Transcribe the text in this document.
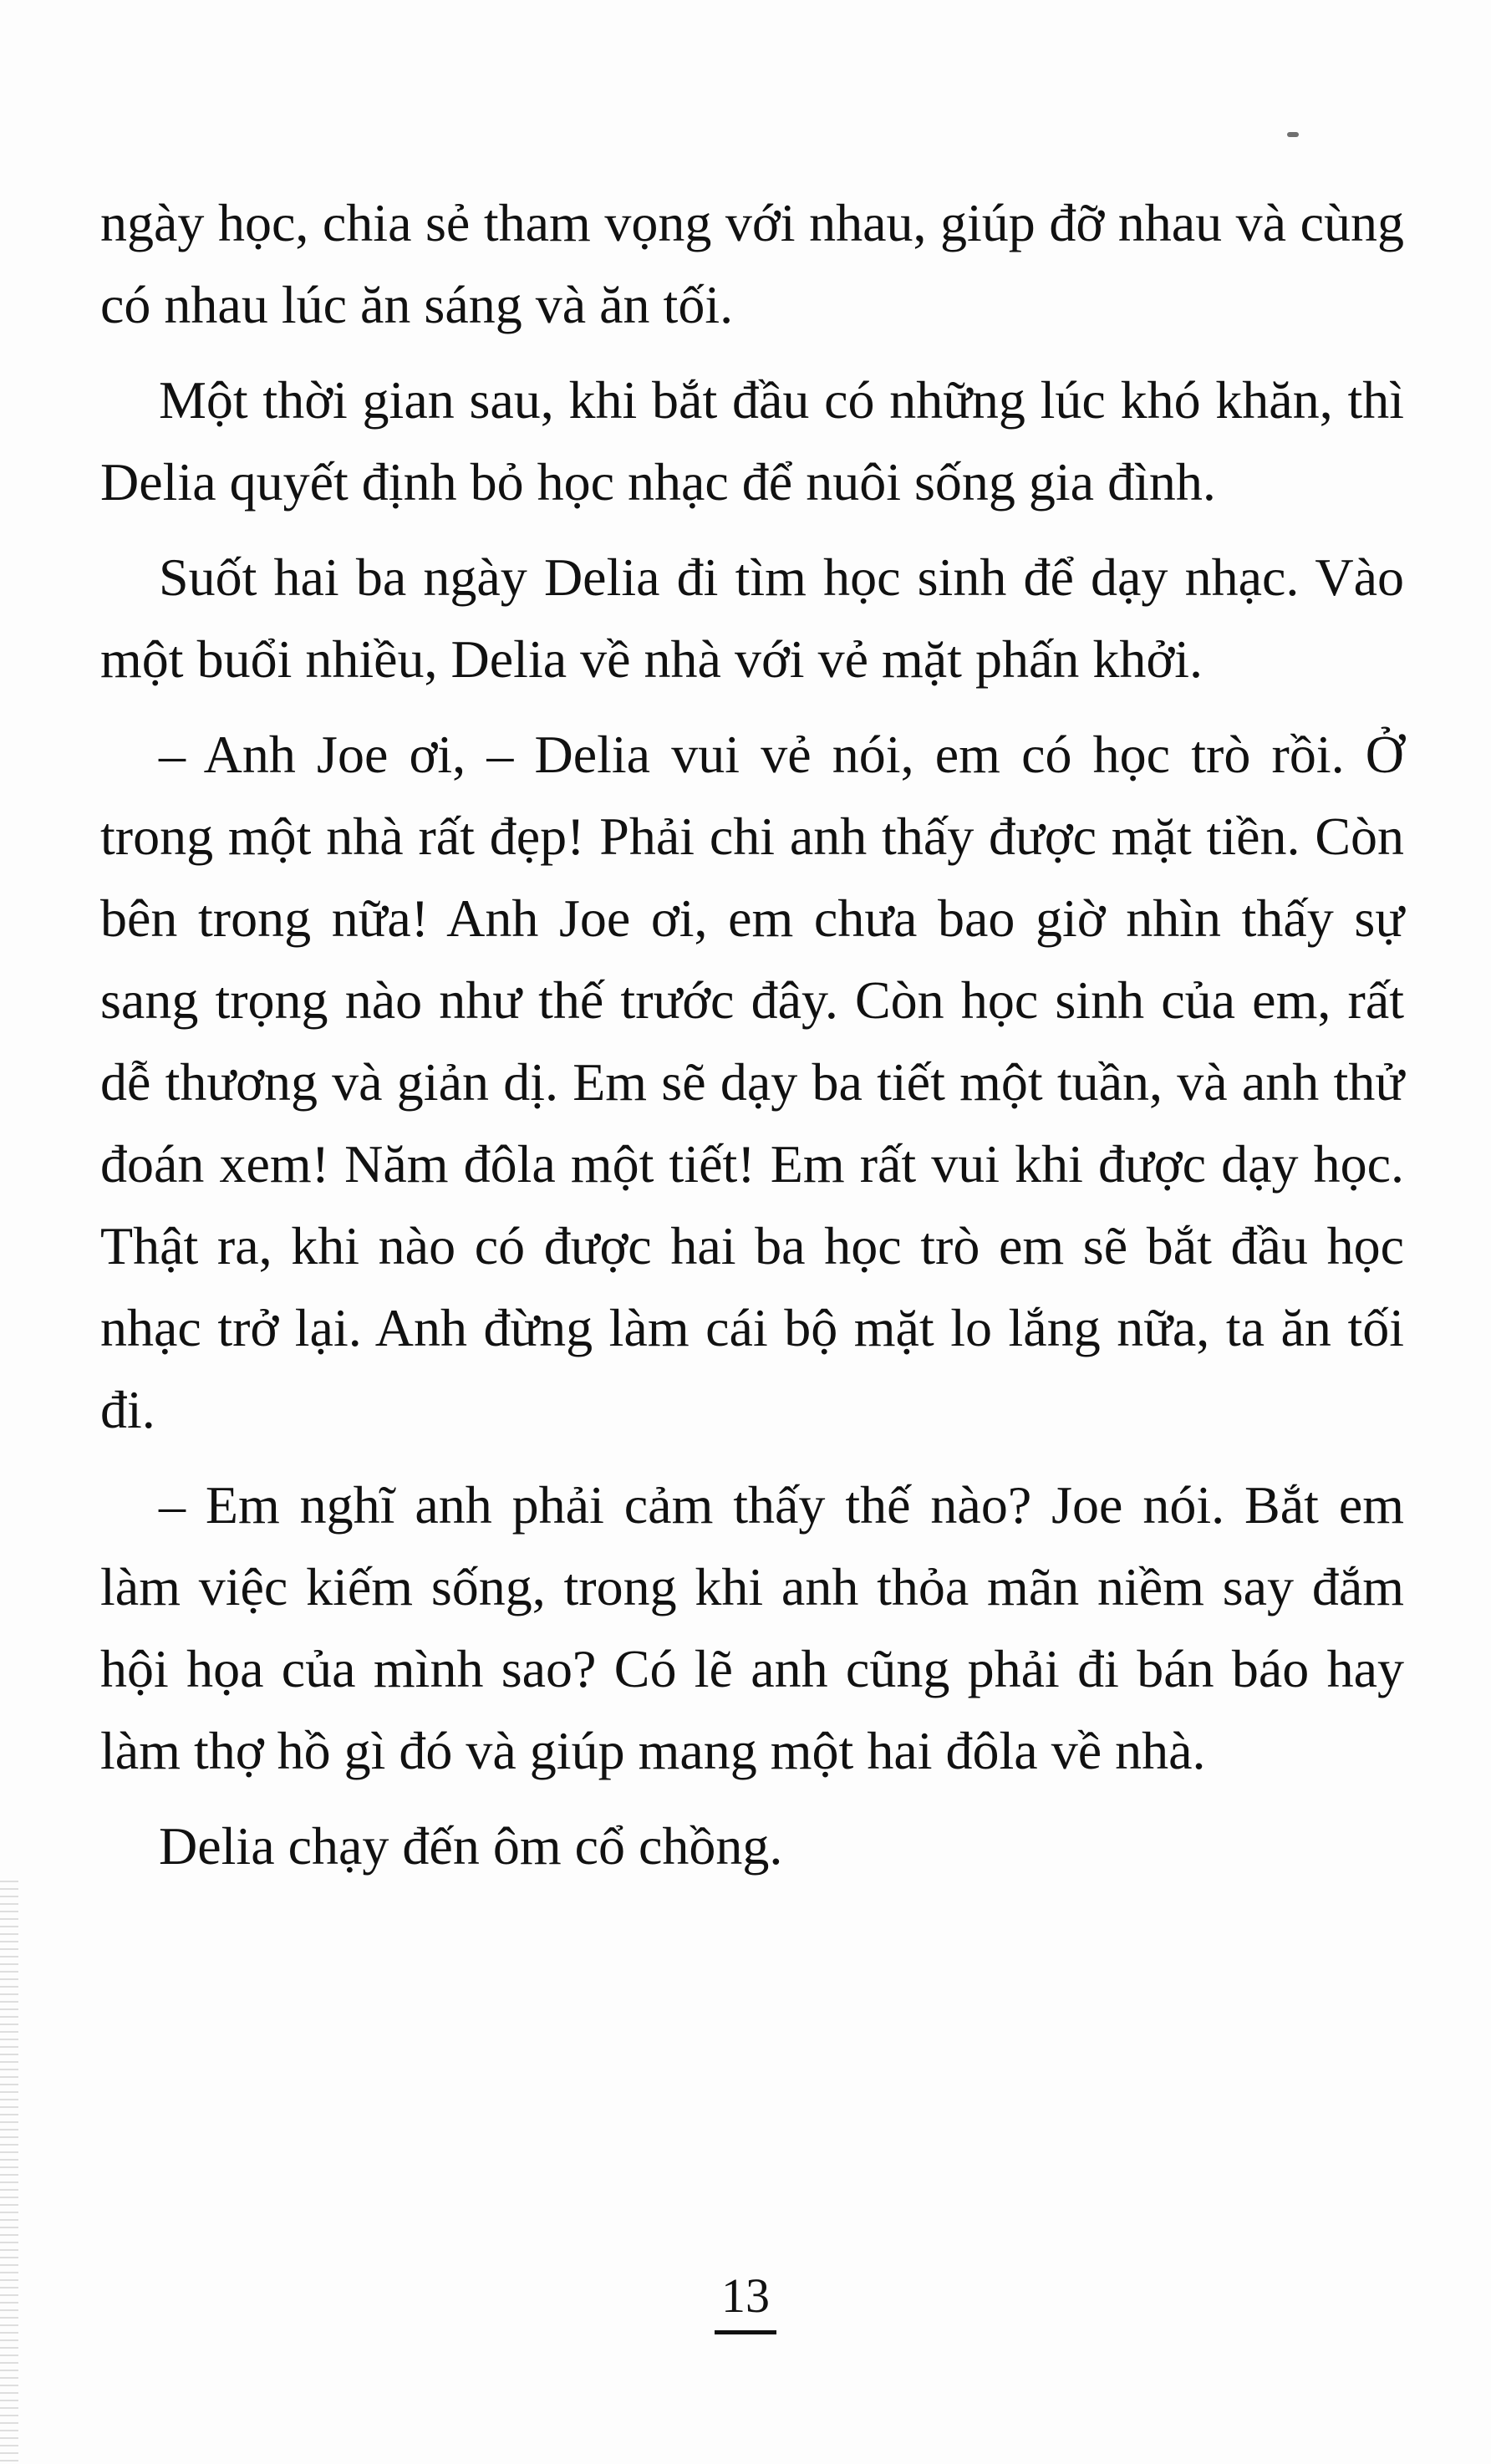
ngày học, chia sẻ tham vọng với nhau, giúp đỡ nhau và cùng có nhau lúc ăn sáng và ăn tối.

Một thời gian sau, khi bắt đầu có những lúc khó khăn, thì Delia quyết định bỏ học nhạc để nuôi sống gia đình.

Suốt hai ba ngày Delia đi tìm học sinh để dạy nhạc. Vào một buổi nhiều, Delia về nhà với vẻ mặt phấn khởi.

– Anh Joe ơi, – Delia vui vẻ nói, em có học trò rồi. Ở trong một nhà rất đẹp! Phải chi anh thấy được mặt tiền. Còn bên trong nữa! Anh Joe ơi, em chưa bao giờ nhìn thấy sự sang trọng nào như thế trước đây. Còn học sinh của em, rất dễ thương và giản dị. Em sẽ dạy ba tiết một tuần, và anh thử đoán xem! Năm đôla một tiết! Em rất vui khi được dạy học. Thật ra, khi nào có được hai ba học trò em sẽ bắt đầu học nhạc trở lại. Anh đừng làm cái bộ mặt lo lắng nữa, ta ăn tối đi.

– Em nghĩ anh phải cảm thấy thế nào? Joe nói. Bắt em làm việc kiếm sống, trong khi anh thỏa mãn niềm say đắm hội họa của mình sao? Có lẽ anh cũng phải đi bán báo hay làm thợ hồ gì đó và giúp mang một hai đôla về nhà.

Delia chạy đến ôm cổ chồng.

13
